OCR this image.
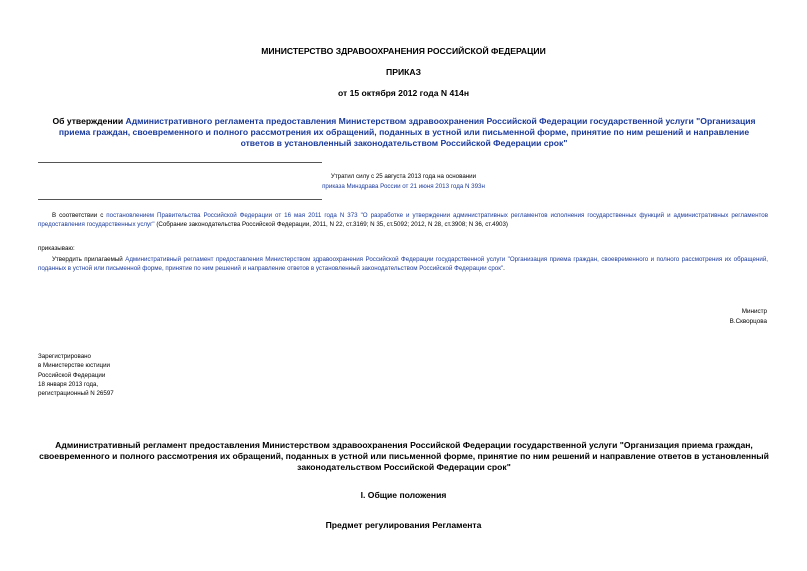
МИНИСТЕРСТВО ЗДРАВООХРАНЕНИЯ РОССИЙСКОЙ ФЕДЕРАЦИИ
ПРИКАЗ
от 15 октября 2012 года N 414н
Об утверждении Административного регламента предоставления Министерством здравоохранения Российской Федерации государственной услуги "Организация приема граждан, своевременного и полного рассмотрения их обращений, поданных в устной или письменной форме, принятие по ним решений и направление ответов в установленный законодательством Российской Федерации срок"
Утратил силу с 25 августа 2013 года на основании
приказа Минздрава России от 21 июня 2013 года N 393н
В соответствии с постановлением Правительства Российской Федерации от 16 мая 2011 года N 373 "О разработке и утверждении административных регламентов исполнения государственных функций и административных регламентов предоставления государственных услуг" (Собрание законодательства Российской Федерации, 2011, N 22, ст.3169; N 35, ст.5092; 2012, N 28, ст.3908; N 36, ст.4903)
приказываю:
Утвердить прилагаемый Административный регламент предоставления Министерством здравоохранения Российской Федерации государственной услуги "Организация приема граждан, своевременного и полного рассмотрения их обращений, поданных в устной или письменной форме, принятие по ним решений и направление ответов в установленный законодательством Российской Федерации срок".
Министр
В.Скворцова
Зарегистрировано
в Министерстве юстиции
Российской Федерации
18 января 2013 года,
регистрационный N 26597
Административный регламент предоставления Министерством здравоохранения Российской Федерации государственной услуги "Организация приема граждан, своевременного и полного рассмотрения их обращений, поданных в устной или письменной форме, принятие по ним решений и направление ответов в установленный законодательством Российской Федерации срок"
I. Общие положения
Предмет регулирования Регламента
